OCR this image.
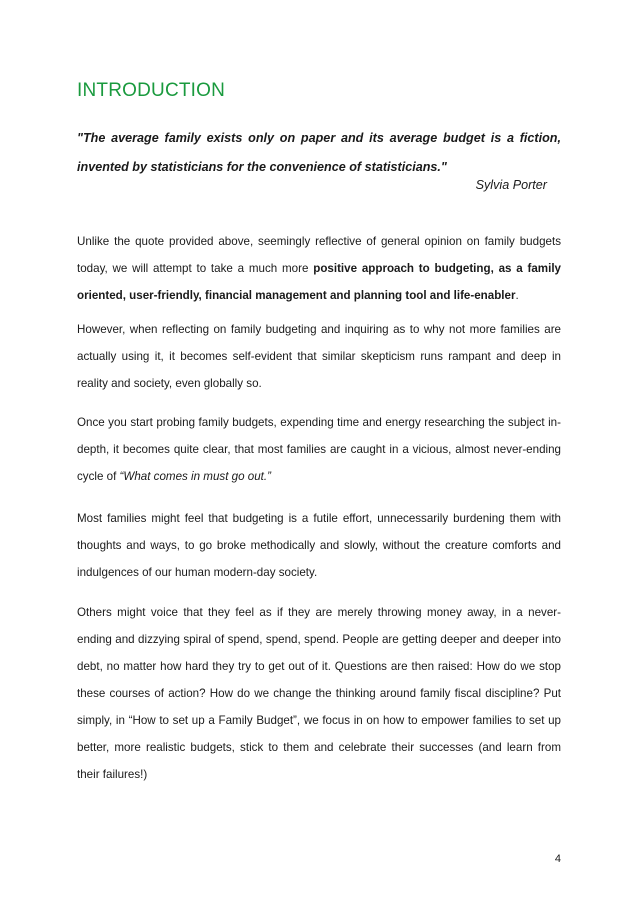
INTRODUCTION

"The average family exists only on paper and its average budget is a fiction, invented by statisticians for the convenience of statisticians."

Sylvia Porter

Unlike the quote provided above, seemingly reflective of general opinion on family budgets today, we will attempt to take a much more positive approach to budgeting, as a family oriented, user-friendly, financial management and planning tool and life-enabler.

However, when reflecting on family budgeting and inquiring as to why not more families are actually using it, it becomes self-evident that similar skepticism runs rampant and deep in reality and society, even globally so.

Once you start probing family budgets, expending time and energy researching the subject in-depth, it becomes quite clear, that most families are caught in a vicious, almost never-ending cycle of “What comes in must go out.”

Most families might feel that budgeting is a futile effort, unnecessarily burdening them with thoughts and ways, to go broke methodically and slowly, without the creature comforts and indulgences of our human modern-day society.

Others might voice that they feel as if they are merely throwing money away, in a never-ending and dizzying spiral of spend, spend, spend. People are getting deeper and deeper into debt, no matter how hard they try to get out of it. Questions are then raised: How do we stop these courses of action? How do we change the thinking around family fiscal discipline? Put simply, in “How to set up a Family Budget”, we focus in on how to empower families to set up better, more realistic budgets, stick to them and celebrate their successes (and learn from their failures!)

4
